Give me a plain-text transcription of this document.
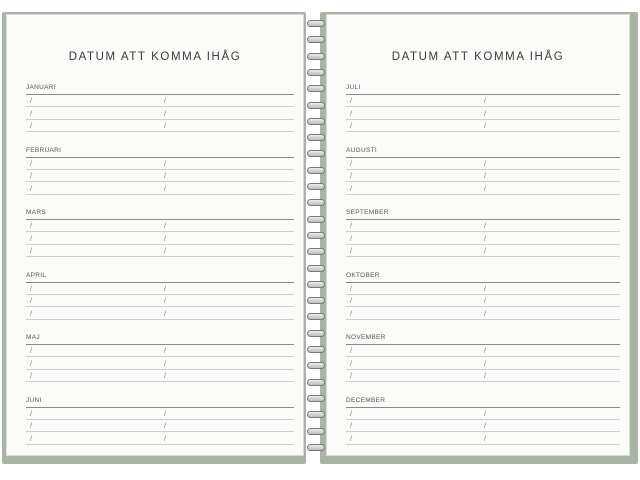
DATUM ATT KOMMA IHÅG
JANUARI
/	/
/	/
/	/
FEBRUARI
/	/
/	/
/	/
MARS
/	/
/	/
/	/
APRIL
/	/
/	/
/	/
MAJ
/	/
/	/
/	/
JUNI
/	/
/	/
/	/
DATUM ATT KOMMA IHÅG
JULI
/	/
/	/
/	/
AUGUSTI
/	/
/	/
/	/
SEPTEMBER
/	/
/	/
/	/
OKTOBER
/	/
/	/
/	/
NOVEMBER
/	/
/	/
/	/
DECEMBER
/	/
/	/
/	/
